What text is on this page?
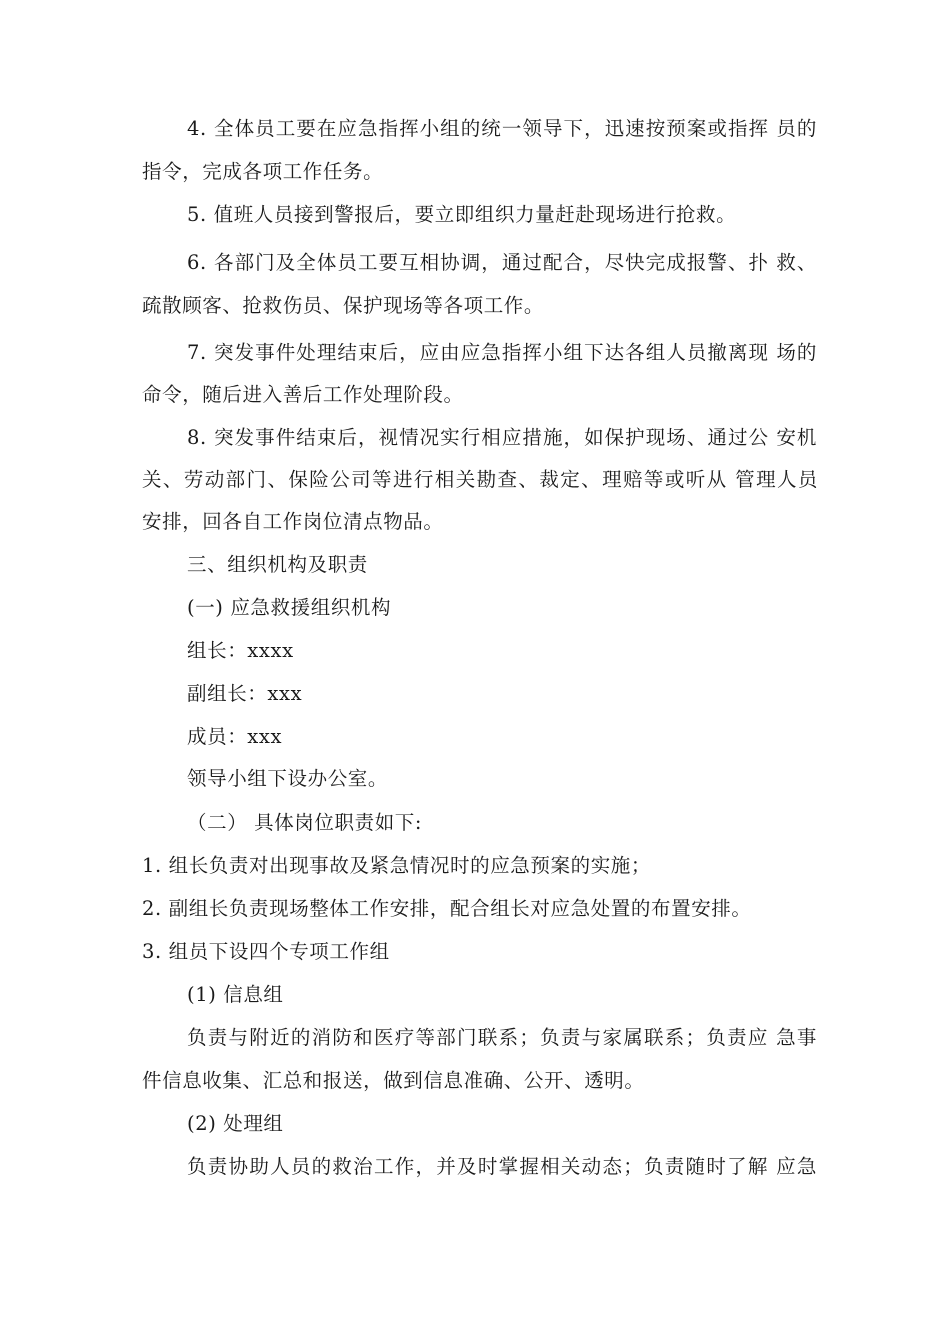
4. 全体员工要在应急指挥小组的统一领导下，迅速按预案或指挥 员的
指令，完成各项工作任务。
5. 值班人员接到警报后，要立即组织力量赶赴现场进行抢救。
6. 各部门及全体员工要互相协调，通过配合，尽快完成报警、扑 救、
疏散顾客、抢救伤员、保护现场等各项工作。
7. 突发事件处理结束后，应由应急指挥小组下达各组人员撤离现 场的
命令，随后进入善后工作处理阶段。
8. 突发事件结束后，视情况实行相应措施，如保护现场、通过公 安机
关、劳动部门、保险公司等进行相关勘查、裁定、理赔等或听从 管理人员
安排，回各自工作岗位清点物品。
三、组织机构及职责
(一) 应急救援组织机构
组长：xxxx
副组长：xxx
成员：xxx
领导小组下设办公室。
（二） 具体岗位职责如下:
1. 组长负责对出现事故及紧急情况时的应急预案的实施；
2. 副组长负责现场整体工作安排，配合组长对应急处置的布置安排。
3. 组员下设四个专项工作组
(1) 信息组
负责与附近的消防和医疗等部门联系；负责与家属联系；负责应 急事
件信息收集、汇总和报送，做到信息准确、公开、透明。
(2) 处理组
负责协助人员的救治工作，并及时掌握相关动态；负责随时了解 应急
